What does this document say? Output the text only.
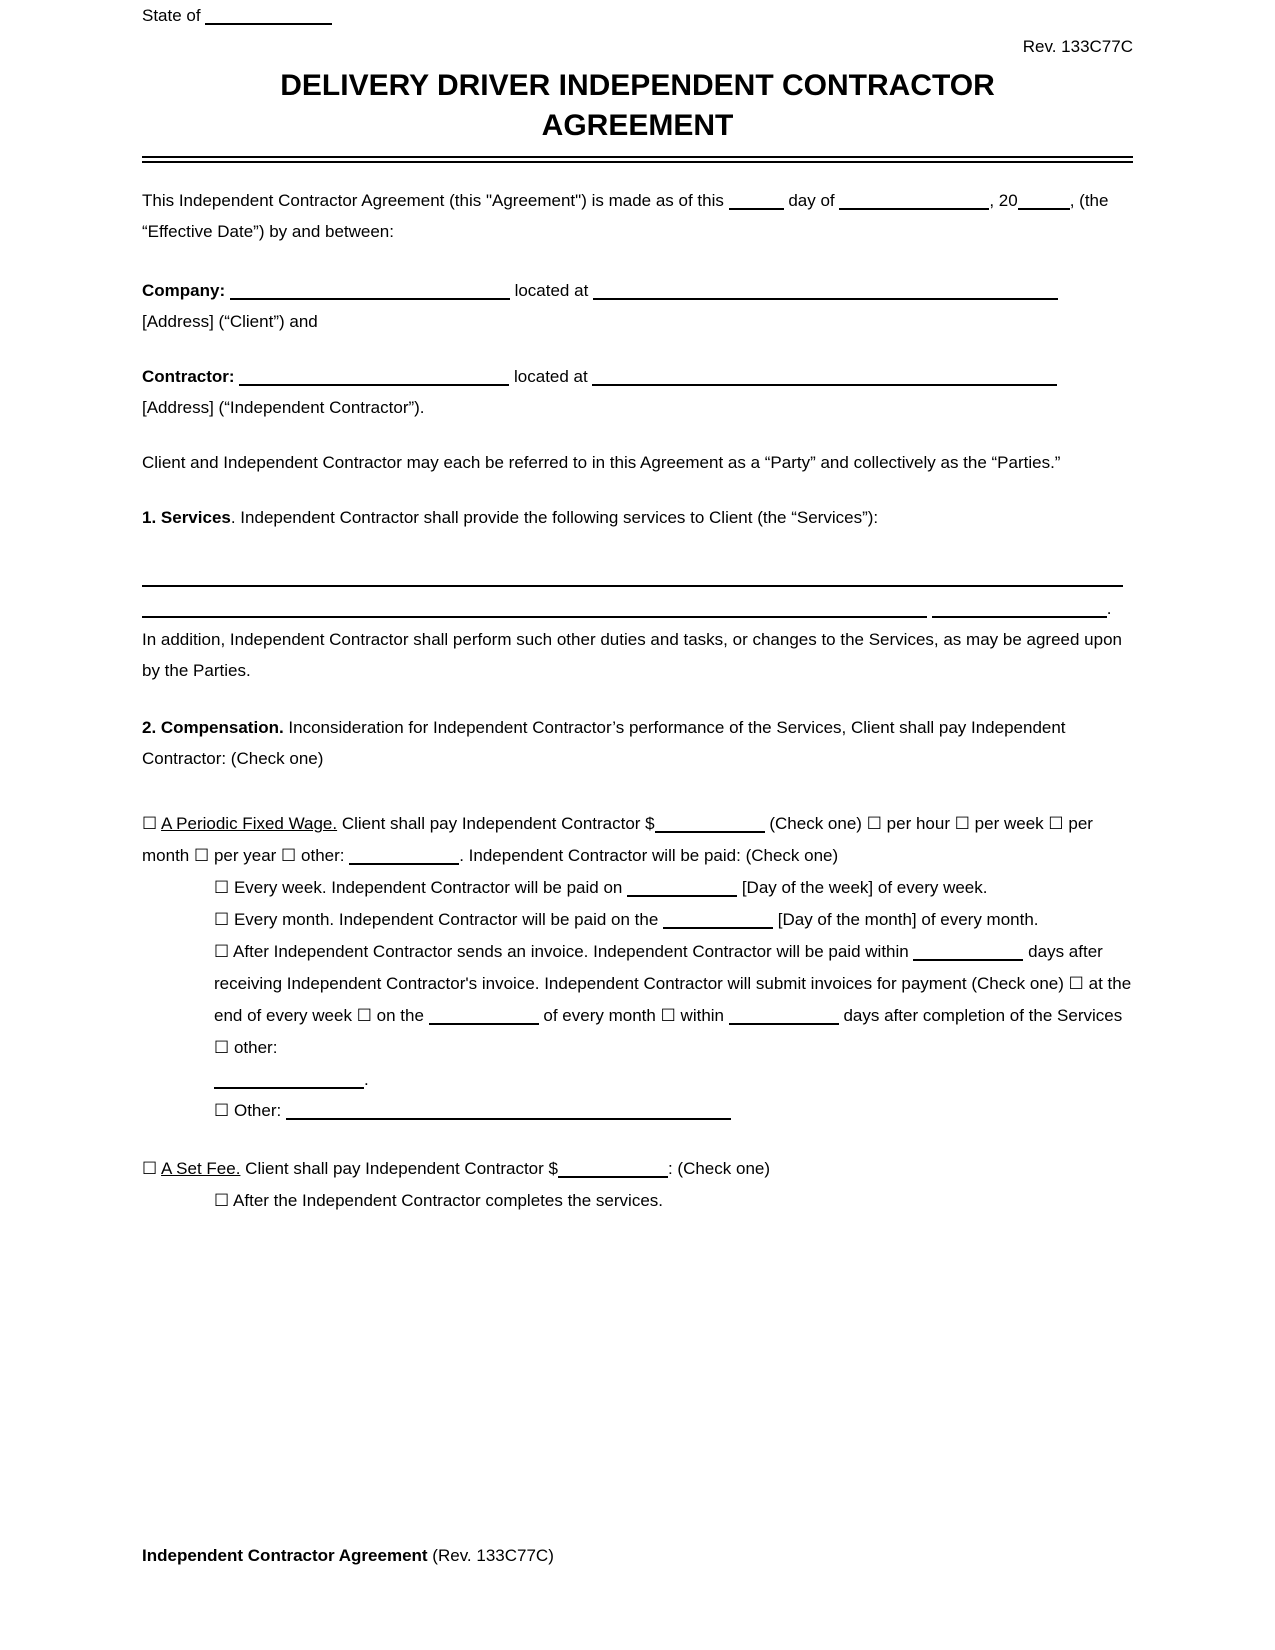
State of
Rev. 133C77C
DELIVERY DRIVER INDEPENDENT CONTRACTOR
AGREEMENT
This Independent Contractor Agreement (this "Agreement") is made as of this	day of	, 20	, (the “Effective Date”) by and between:
Company:	located at  [Address] (“Client”) and
Contractor:	located at  [Address] (“Independent Contractor”).
Client and Independent Contractor may each be referred to in this Agreement as a “Party” and collectively as the “Parties.”
1. Services. Independent Contractor shall provide the following services to Client (the “Services”):
.
In addition, Independent Contractor shall perform such other duties and tasks, or changes to the Services, as may be agreed upon by the Parties.
2. Compensation. Inconsideration for Independent Contractor’s performance of the Services, Client shall pay Independent Contractor: (Check one)
☐ A Periodic Fixed Wage. Client shall pay Independent Contractor $	(Check one) ☐ per hour ☐ per week ☐ per month ☐ per year ☐ other:	. Independent Contractor will be paid: (Check one)
☐ Every week. Independent Contractor will be paid on	[Day of the week] of every week.
☐ Every month. Independent Contractor will be paid on the	[Day of the month] of every month.
☐ After Independent Contractor sends an invoice. Independent Contractor will be paid within	days after receiving Independent Contractor's invoice. Independent Contractor will submit invoices for payment (Check one) ☐ at the end of every week ☐ on the	of every month ☐ within	days after completion of the Services ☐ other:
.
☐ Other:
☐ A Set Fee. Client shall pay Independent Contractor $	: (Check one)
☐ After the Independent Contractor completes the services.
Independent Contractor Agreement (Rev. 133C77C)
